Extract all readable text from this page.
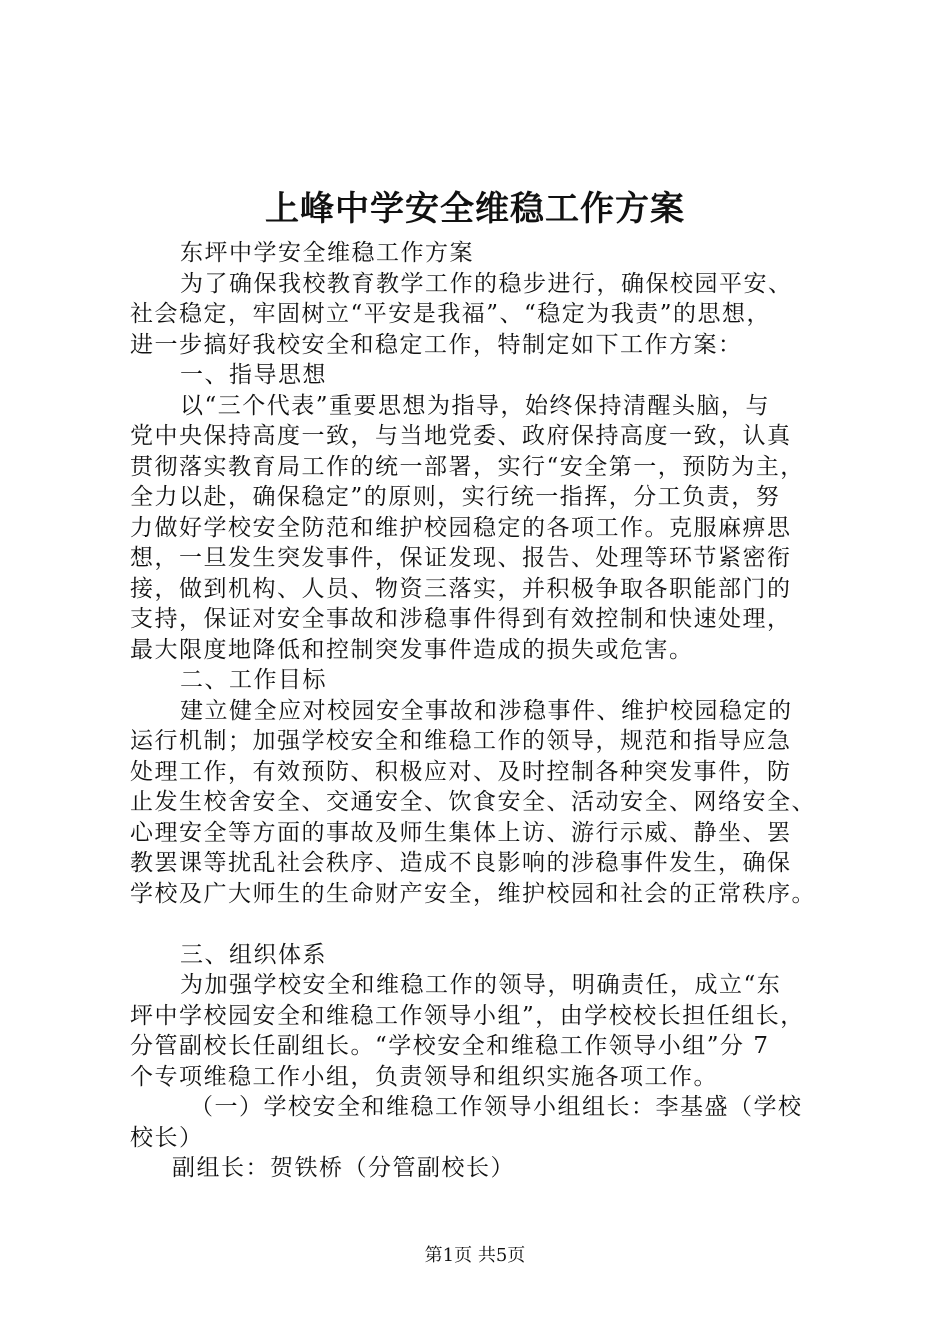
上峰中学安全维稳工作方案
东坪中学安全维稳工作方案
为了确保我校教育教学工作的稳步进行，确保校园平安、
社会稳定，牢固树立“平安是我福”、“稳定为我责”的思想，
进一步搞好我校安全和稳定工作，特制定如下工作方案：
一、指导思想
以“三个代表”重要思想为指导，始终保持清醒头脑，与
党中央保持高度一致，与当地党委、政府保持高度一致，认真
贯彻落实教育局工作的统一部署，实行“安全第一，预防为主，
全力以赴，确保稳定”的原则，实行统一指挥，分工负责，努
力做好学校安全防范和维护校园稳定的各项工作。克服麻痹思
想，一旦发生突发事件，保证发现、报告、处理等环节紧密衔
接，做到机构、人员、物资三落实，并积极争取各职能部门的
支持，保证对安全事故和涉稳事件得到有效控制和快速处理，
最大限度地降低和控制突发事件造成的损失或危害。
二、工作目标
建立健全应对校园安全事故和涉稳事件、维护校园稳定的
运行机制；加强学校安全和维稳工作的领导，规范和指导应急
处理工作，有效预防、积极应对、及时控制各种突发事件，防
止发生校舍安全、交通安全、饮食安全、活动安全、网络安全、
心理安全等方面的事故及师生集体上访、游行示威、静坐、罢
教罢课等扰乱社会秩序、造成不良影响的涉稳事件发生，确保
学校及广大师生的生命财产安全，维护校园和社会的正常秩序。
三、组织体系
为加强学校安全和维稳工作的领导，明确责任，成立“东
坪中学校园安全和维稳工作领导小组”，由学校校长担任组长，
分管副校长任副组长。“学校安全和维稳工作领导小组”分 7
个专项维稳工作小组，负责领导和组织实施各项工作。
（一）学校安全和维稳工作领导小组组长：李基盛（学校
校长）
副组长：贺铁桥（分管副校长）
第1页 共5页
